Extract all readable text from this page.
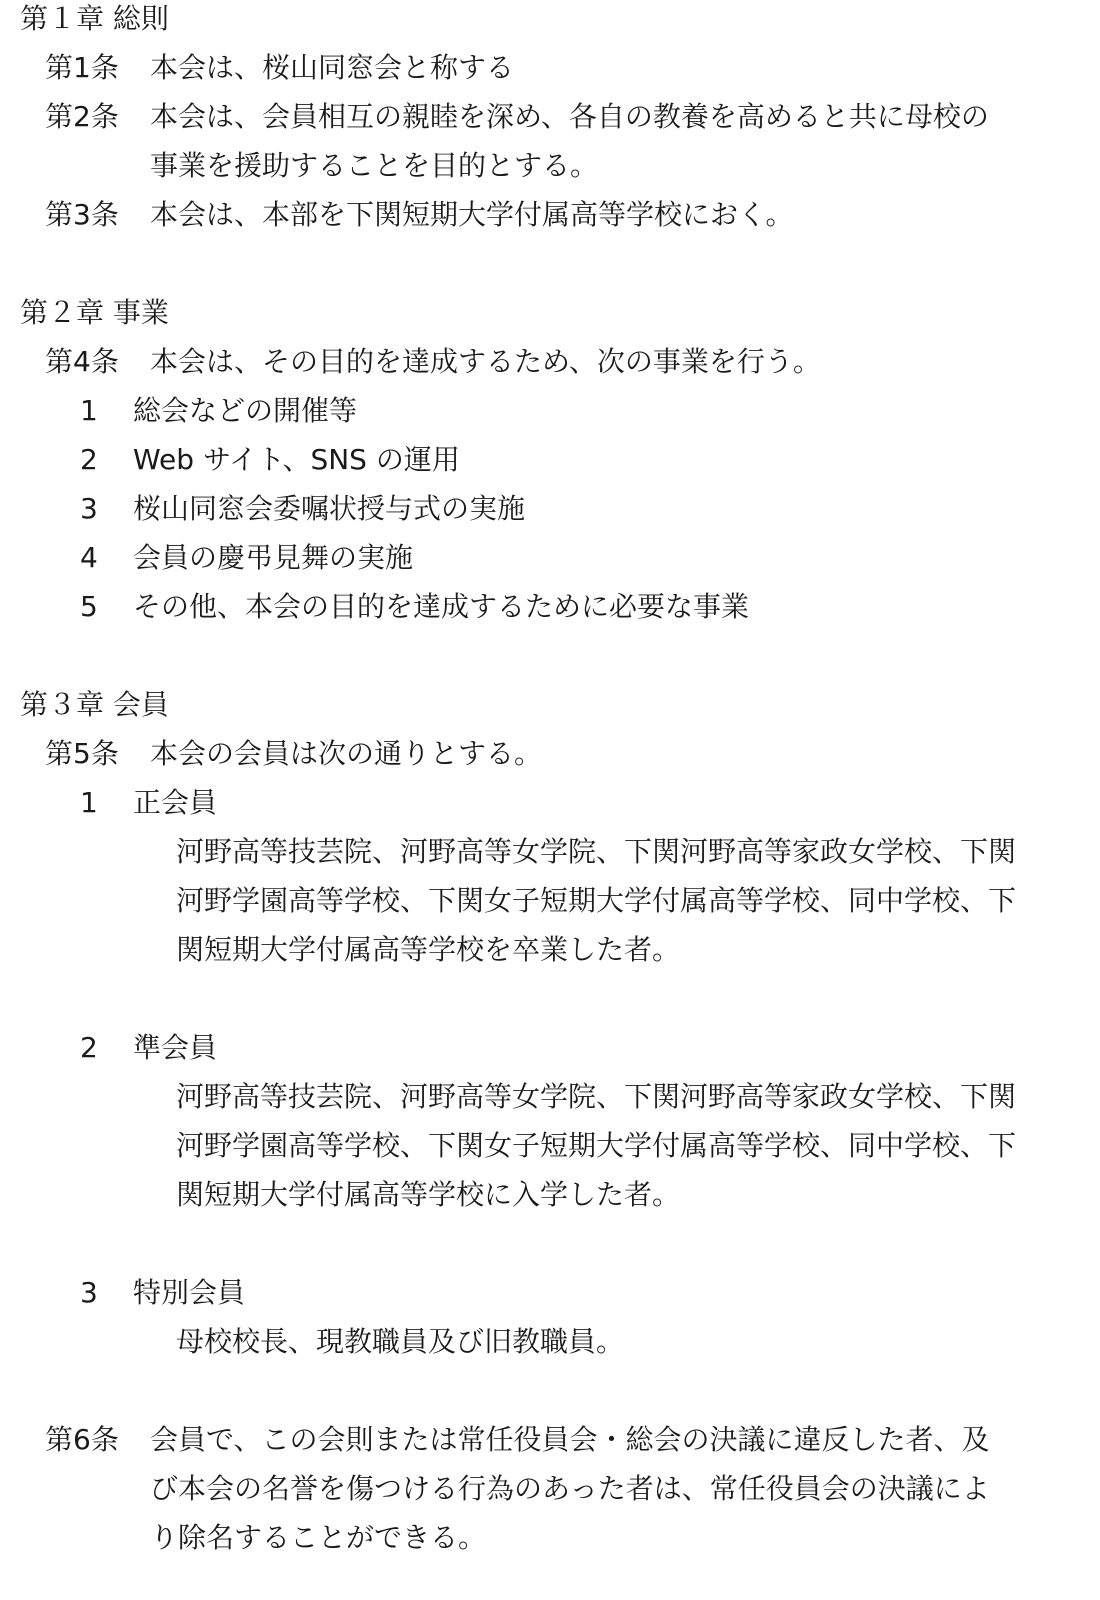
第１章 総則
第1条 本会は、桜山同窓会と称する
第2条 本会は、会員相互の親睦を深め、各自の教養を高めると共に母校の
事業を援助することを目的とする。
第3条 本会は、本部を下関短期大学付属高等学校におく。
第２章 事業
第4条 本会は、その目的を達成するため、次の事業を行う。
1 総会などの開催等
2 Web サイト、SNS の運用
3 桜山同窓会委嘱状授与式の実施
4 会員の慶弔見舞の実施
5 その他、本会の目的を達成するために必要な事業
第３章 会員
第5条 本会の会員は次の通りとする。
1 正会員
河野高等技芸院、河野高等女学院、下関河野高等家政女学校、下関
河野学園高等学校、下関女子短期大学付属高等学校、同中学校、下
関短期大学付属高等学校を卒業した者。
2 準会員
河野高等技芸院、河野高等女学院、下関河野高等家政女学校、下関
河野学園高等学校、下関女子短期大学付属高等学校、同中学校、下
関短期大学付属高等学校に入学した者。
3 特別会員
母校校長、現教職員及び旧教職員。
第6条 会員で、この会則または常任役員会・総会の決議に違反した者、及
び本会の名誉を傷つける行為のあった者は、常任役員会の決議によ
り除名することができる。
